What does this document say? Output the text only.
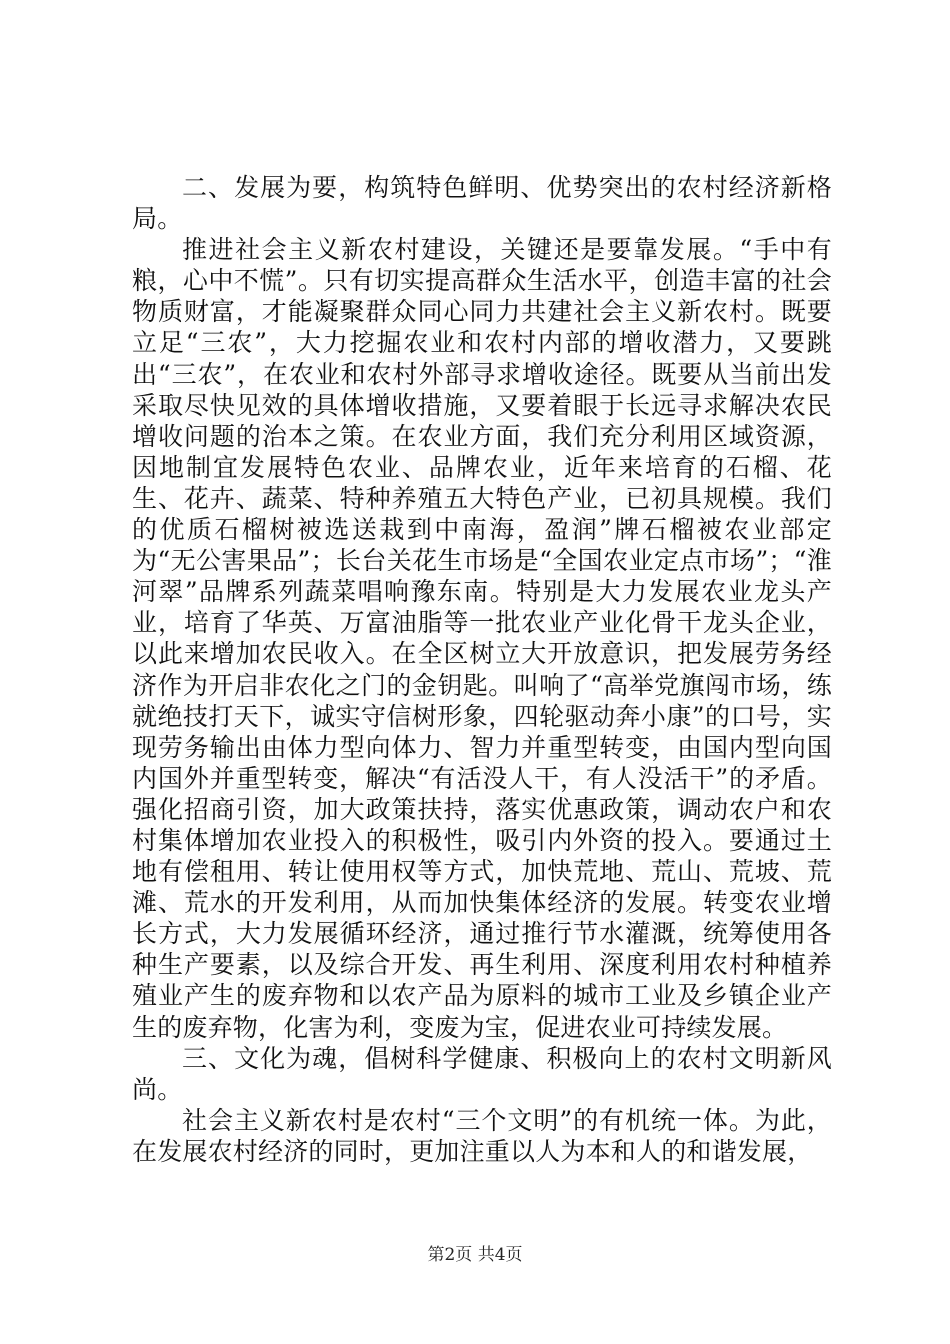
二、发展为要，构筑特色鲜明、优势突出的农村经济新格局。

推进社会主义新农村建设，关键还是要靠发展。“手中有粮，心中不慌”。只有切实提高群众生活水平，创造丰富的社会物质财富，才能凝聚群众同心同力共建社会主义新农村。既要立足“三农”，大力挖掘农业和农村内部的增收潜力，又要跳出“三农”，在农业和农村外部寻求增收途径。既要从当前出发采取尽快见效的具体增收措施，又要着眼于长远寻求解决农民增收问题的治本之策。在农业方面，我们充分利用区域资源，因地制宜发展特色农业、品牌农业，近年来培育的石榴、花生、花卉、蔬菜、特种养殖五大特色产业，已初具规模。我们的优质石榴树被选送栽到中南海，盈润”牌石榴被农业部定为“无公害果品”；长台关花生市场是“全国农业定点市场”；“淮河翠”品牌系列蔬菜唱响豫东南。特别是大力发展农业龙头产业，培育了华英、万富油脂等一批农业产业化骨干龙头企业，以此来增加农民收入。在全区树立大开放意识，把发展劳务经济作为开启非农化之门的金钥匙。叫响了“高举党旗闯市场，练就绝技打天下，诚实守信树形象，四轮驱动奔小康”的口号，实现劳务输出由体力型向体力、智力并重型转变，由国内型向国内国外并重型转变，解决“有活没人干，有人没活干”的矛盾。强化招商引资，加大政策扶持，落实优惠政策，调动农户和农村集体增加农业投入的积极性，吸引内外资的投入。要通过土地有偿租用、转让使用权等方式，加快荒地、荒山、荒坡、荒滩、荒水的开发利用，从而加快集体经济的发展。转变农业增长方式，大力发展循环经济，通过推行节水灌溉，统筹使用各种生产要素，以及综合开发、再生利用、深度利用农村种植养殖业产生的废弃物和以农产品为原料的城市工业及乡镇企业产生的废弃物，化害为利，变废为宝，促进农业可持续发展。

三、文化为魂，倡树科学健康、积极向上的农村文明新风尚。

社会主义新农村是农村“三个文明”的有机统一体。为此，在发展农村经济的同时，更加注重以人为本和人的和谐发展，

第2页 共4页
